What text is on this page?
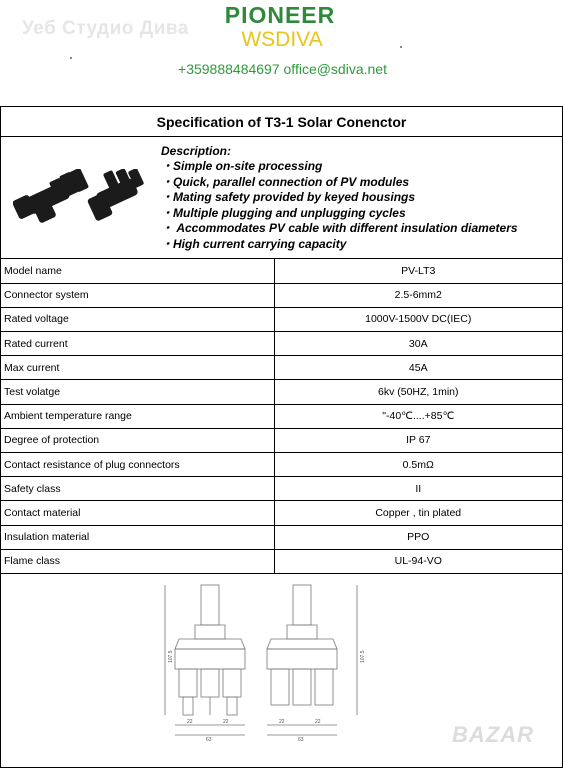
Уеб Студио Дива
PIONEER
WSDIVA
+359888484697 office@sdiva.net
Specification of T3-1 Solar Conenctor
Description:
・Simple on-site processing
・Quick, parallel connection of PV modules
・Mating safety provided by keyed housings
・Multiple plugging and unplugging cycles
・ Accommodates PV cable with different insulation diameters
・High current carrying capacity
Model name	PV-LT3
Connector system	2.5-6mm2
Rated voltage	1000V-1500V DC(IEC)
Rated current	30A
Max current	45A
Test volatge	6kv (50HZ, 1min)
Ambient temperature range	"-40℃....+85℃
Degree of protection	IP 67
Contact resistance of plug connectors	0.5mΩ
Safety class	II
Contact material	Copper , tin plated
Insulation material	PPO
Flame class	UL-94-VO
22	22
63
22	22
63
107.5	107.5
BAZAR
